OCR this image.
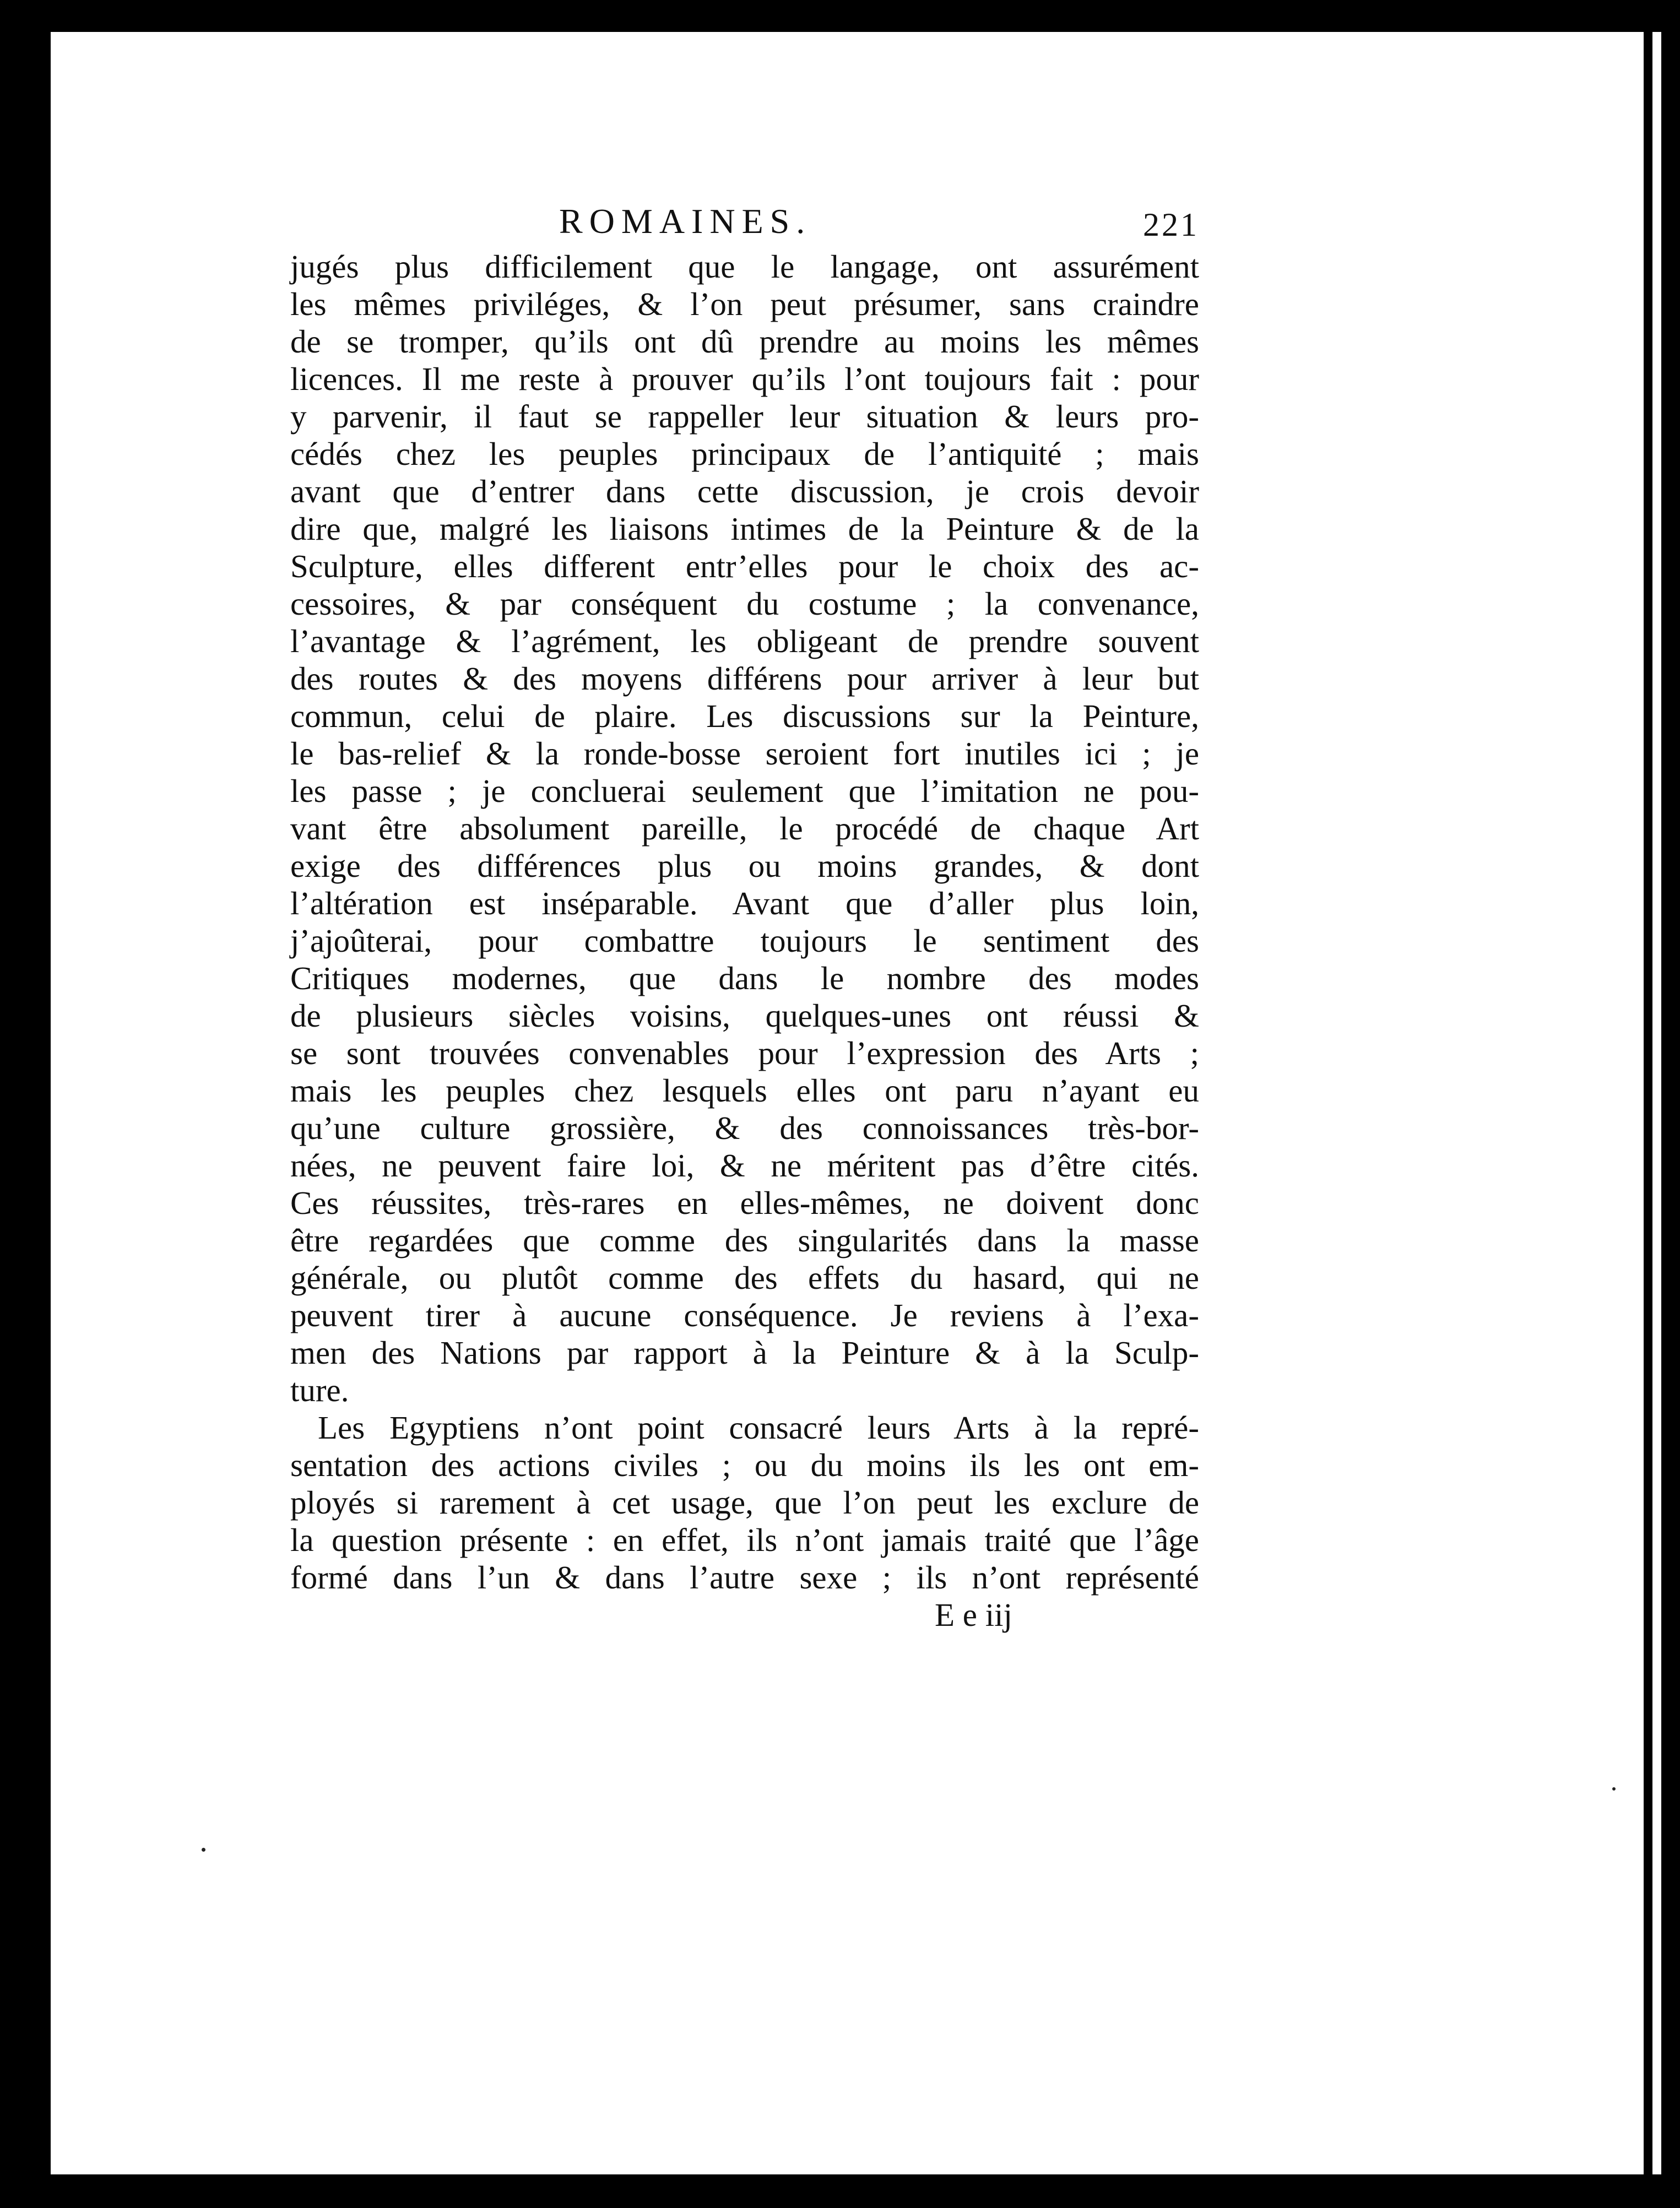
ROMAINES.	221
jugés plus difficilement que le langage, ont assurément
les mêmes priviléges, & l’on peut présumer, sans craindre
de se tromper, qu’ils ont dû prendre au moins les mêmes
licences. Il me reste à prouver qu’ils l’ont toujours fait : pour
y parvenir, il faut se rappeller leur situation & leurs pro-
cédés chez les peuples principaux de l’antiquité ; mais
avant que d’entrer dans cette discussion, je crois devoir
dire que, malgré les liaisons intimes de la Peinture & de la
Sculpture, elles different entr’elles pour le choix des ac-
cessoires, & par conséquent du costume ; la convenance,
l’avantage & l’agrément, les obligeant de prendre souvent
des routes & des moyens différens pour arriver à leur but
commun, celui de plaire. Les discussions sur la Peinture,
le bas-relief & la ronde-bosse seroient fort inutiles ici ; je
les passe ; je concluerai seulement que l’imitation ne pou-
vant être absolument pareille, le procédé de chaque Art
exige des différences plus ou moins grandes, & dont
l’altération est inséparable. Avant que d’aller plus loin,
j’ajoûterai, pour combattre toujours le sentiment des
Critiques modernes, que dans le nombre des modes
de plusieurs siècles voisins, quelques-unes ont réussi &
se sont trouvées convenables pour l’expression des Arts ;
mais les peuples chez lesquels elles ont paru n’ayant eu
qu’une culture grossière, & des connoissances très-bor-
nées, ne peuvent faire loi, & ne méritent pas d’être cités.
Ces réussites, très-rares en elles-mêmes, ne doivent donc
être regardées que comme des singularités dans la masse
générale, ou plutôt comme des effets du hasard, qui ne
peuvent tirer à aucune conséquence. Je reviens à l’exa-
men des Nations par rapport à la Peinture & à la Sculp-
ture.
Les Egyptiens n’ont point consacré leurs Arts à la repré-
sentation des actions civiles ; ou du moins ils les ont em-
ployés si rarement à cet usage, que l’on peut les exclure de
la question présente : en effet, ils n’ont jamais traité que l’âge
formé dans l’un & dans l’autre sexe ; ils n’ont représenté
E e iij
